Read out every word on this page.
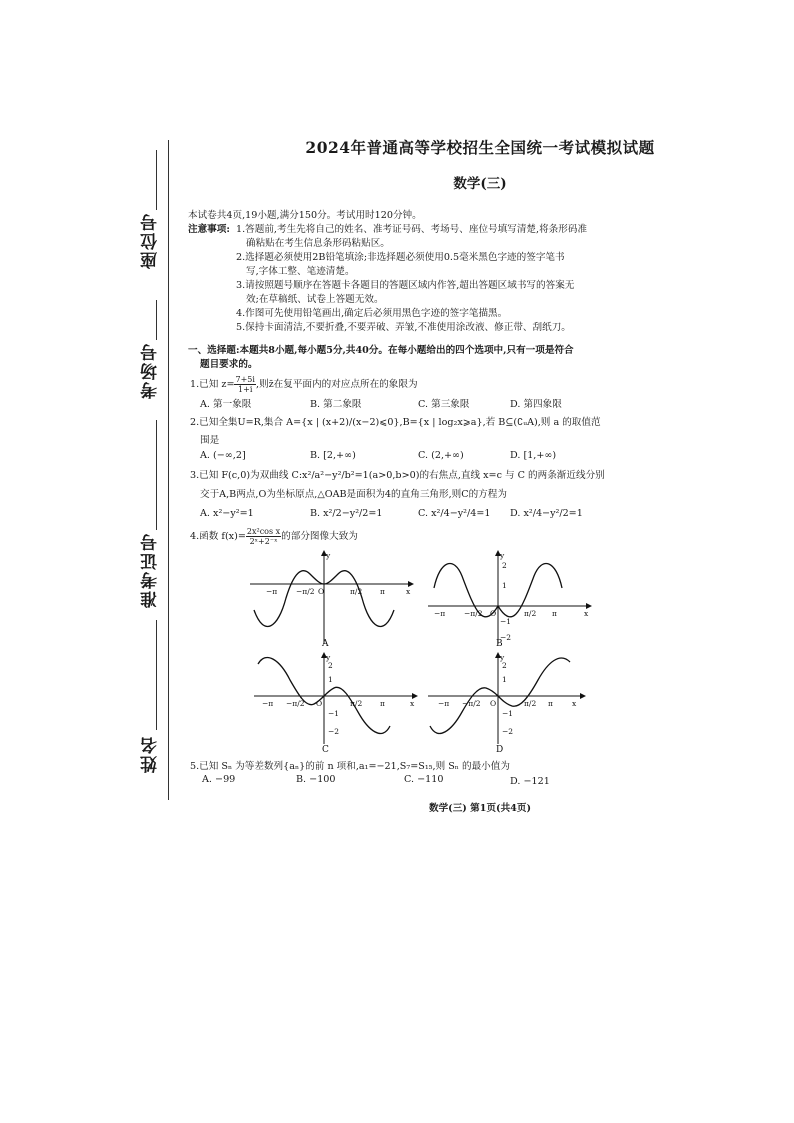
座位号
考场号
准考证号
姓名
2024年普通高等学校招生全国统一考试模拟试题
数学(三)
本试卷共4页,19小题,满分150分。考试用时120分钟。
注意事项: 1.答题前,考生先将自己的姓名、准考证号码、考场号、座位号填写清楚,将条形码准
确粘贴在考生信息条形码粘贴区。
2.选择题必须使用2B铅笔填涂;非选择题必须使用0.5毫米黑色字迹的签字笔书
写,字体工整、笔迹清楚。
3.请按照题号顺序在答题卡各题目的答题区域内作答,超出答题区域书写的答案无
效;在草稿纸、试卷上答题无效。
4.作图可先使用铅笔画出,确定后必须用黑色字迹的签字笔描黑。
5.保持卡面清洁,不要折叠,不要弄破、弄皱,不准使用涂改液、修正带、刮纸刀。
一、选择题:本题共8小题,每小题5分,共40分。在每小题给出的四个选项中,只有一项是符合
题目要求的。
1.已知 $z= \frac{7+5i}{1+i}$ ,则z̄在复平面内的对应点所在的象限为
A. 第一象限	B. 第二象限	C. 第三象限	D. 第四象限
2.已知全集U=R,集合 A={x | (x+2)/(x−2)⩽0},B={x | log₂x⩾a},若 B⊆(∁ᵤA),则 a 的取值范
围是
A. (−∞,2]	B. [2,+∞)	C. (2,+∞)	D. [1,+∞)
3.已知 F(c,0)为双曲线 C:x²/a²−y²/b²=1(a>0,b>0)的右焦点,直线 x=c 与 C 的两条渐近线分别
交于A,B两点,O为坐标原点,△OAB是面积为4的直角三角形,则C的方程为
A. x²−y²=1	B. x²/2−y²/2=1	C. x²/4−y²/4=1 D. x²/4−y²/2=1
4.函数 $f(x)= \frac{\text{2x²cos x}}{\text{2ˣ+2⁻ˣ}}$ 的部分图像大致为
x
y
−π	−π/2 O	π/2 π
A
x
y
2
1
−1
−2
−π	−π/2 O	π/2 π
B
x
y
2
1
−1
−2
−π −π/2 O	π/2 π
C
x
y
2
1
−1
−2
−π −π/2 O	π/2 π
D
5.已知 Sₙ 为等差数列{aₙ}的前 n 项和,a₁=−21,S₇=S₁₅,则 Sₙ 的最小值为
A. −99	B. −100	C. −110	D. −121
数学(三) 第1页(共4页)
